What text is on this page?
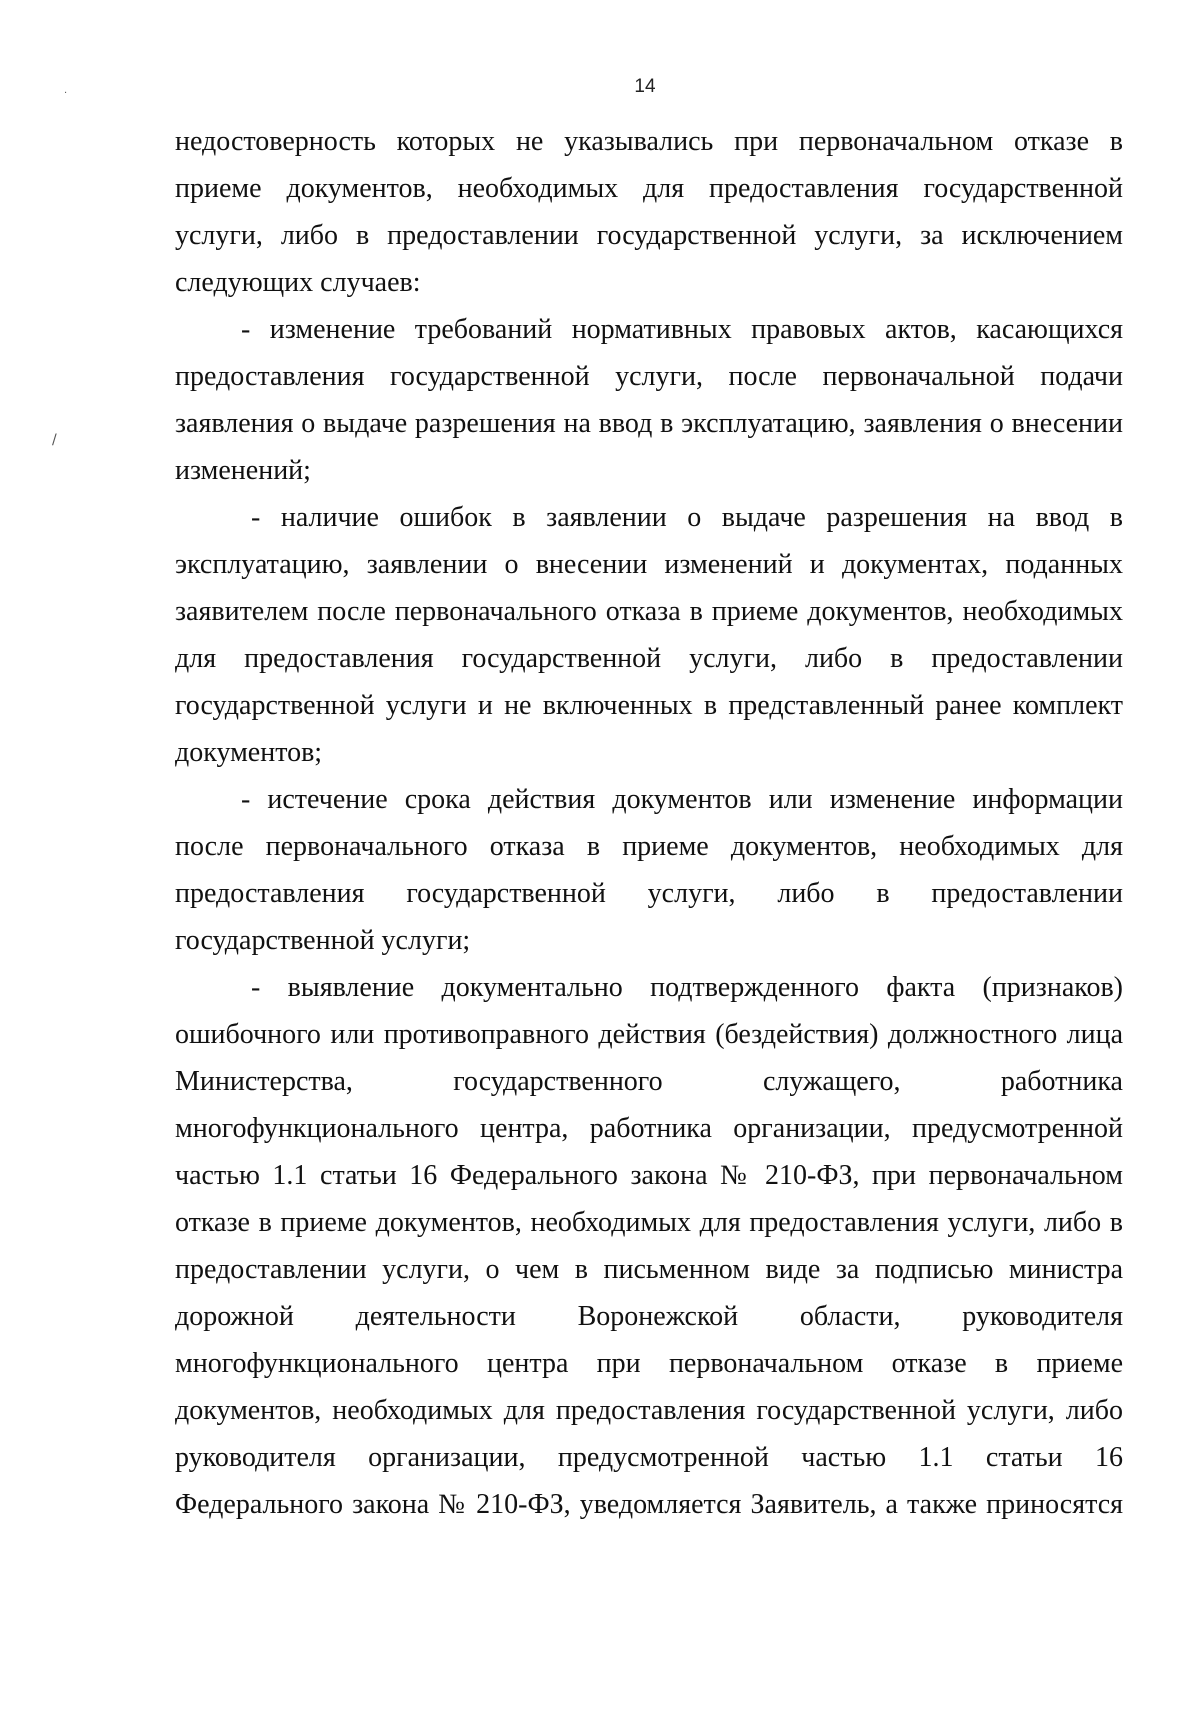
14
·
/
недостоверность которых не указывались при первоначальном отказе в
приеме документов, необходимых для предоставления государственной
услуги, либо в предоставлении государственной услуги, за исключением
следующих случаев:
- изменение требований нормативных правовых актов, касающихся
предоставления государственной услуги, после первоначальной подачи
заявления о выдаче разрешения на ввод в эксплуатацию, заявления о внесении
изменений;
- наличие ошибок в заявлении о выдаче разрешения на ввод в
эксплуатацию, заявлении о внесении изменений и документах, поданных
заявителем после первоначального отказа в приеме документов, необходимых
для предоставления государственной услуги, либо в предоставлении
государственной услуги и не включенных в представленный ранее комплект
документов;
- истечение срока действия документов или изменение информации
после первоначального отказа в приеме документов, необходимых для
предоставления государственной услуги, либо в предоставлении
государственной услуги;
- выявление документально подтвержденного факта (признаков)
ошибочного или противоправного действия (бездействия) должностного лица
Министерства, государственного служащего, работника
многофункционального центра, работника организации, предусмотренной
частью 1.1 статьи 16 Федерального закона № 210-ФЗ, при первоначальном
отказе в приеме документов, необходимых для предоставления услуги, либо в
предоставлении услуги, о чем в письменном виде за подписью министра
дорожной деятельности Воронежской области, руководителя
многофункционального центра при первоначальном отказе в приеме
документов, необходимых для предоставления государственной услуги, либо
руководителя организации, предусмотренной частью 1.1 статьи 16
Федерального закона № 210-ФЗ, уведомляется Заявитель, а также приносятся
